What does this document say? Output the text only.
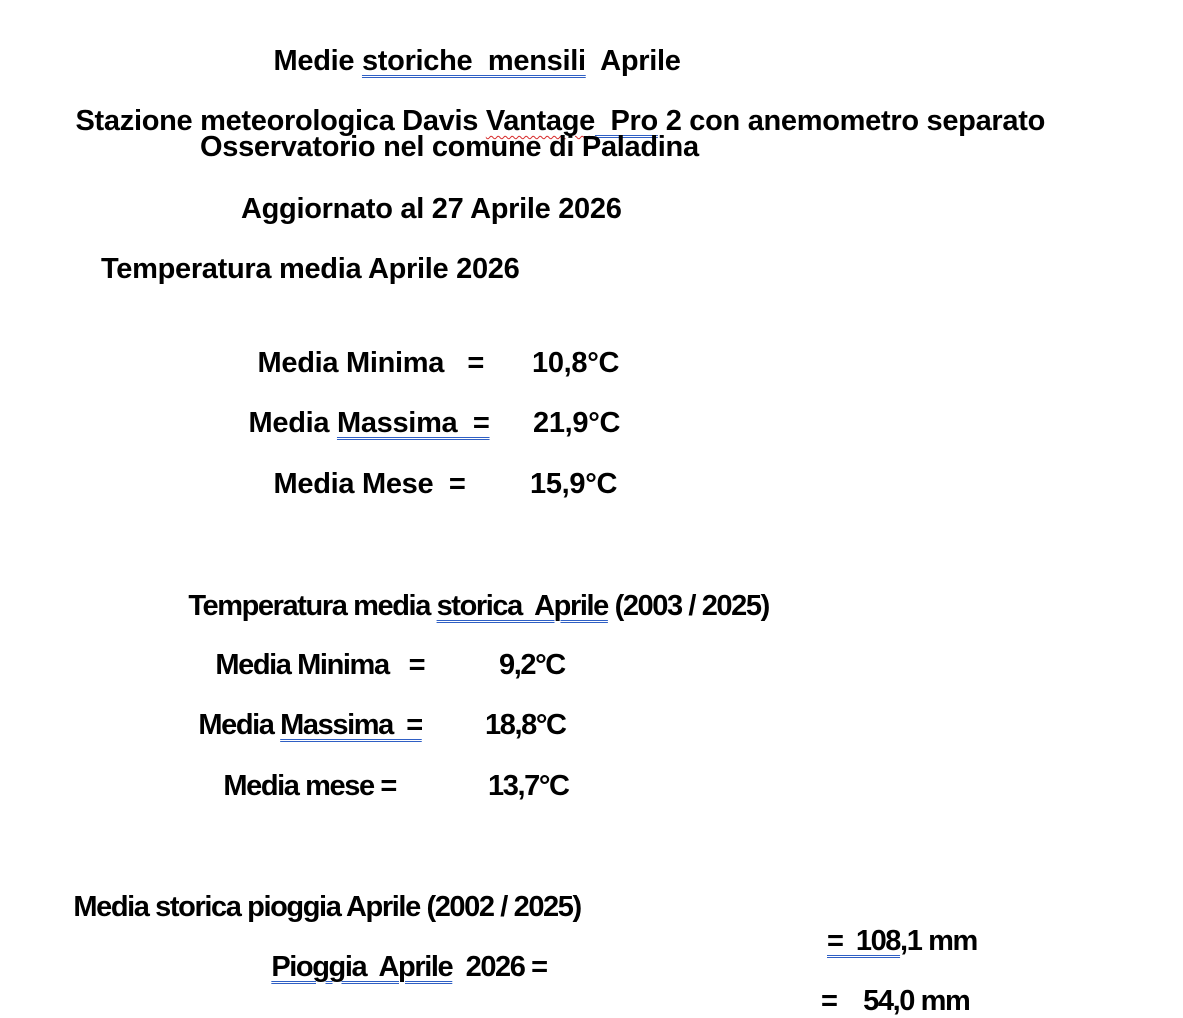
Medie storiche  mensili  Aprile

Stazione meteorologica Davis Vantage  Pro 2 con anemometro separato

Osservatorio nel comune di Paladina
Aggiornato al 27 Aprile 2026
Temperatura media Aprile 2026

Media Minima   = 10,8°C

Media Massima  = 21,9°C

Media Mese  = 15,9°C

Temperatura media storica  Aprile (2003 / 2025)

Media Minima   =	9,2°C

Media Massima  = 18,8°C

Media mese =	13,7°C

Media storica pioggia Aprile (2002 / 2025)

=  108,1 mm

Pioggia  Aprile  2026 =

=    54,0 mm
